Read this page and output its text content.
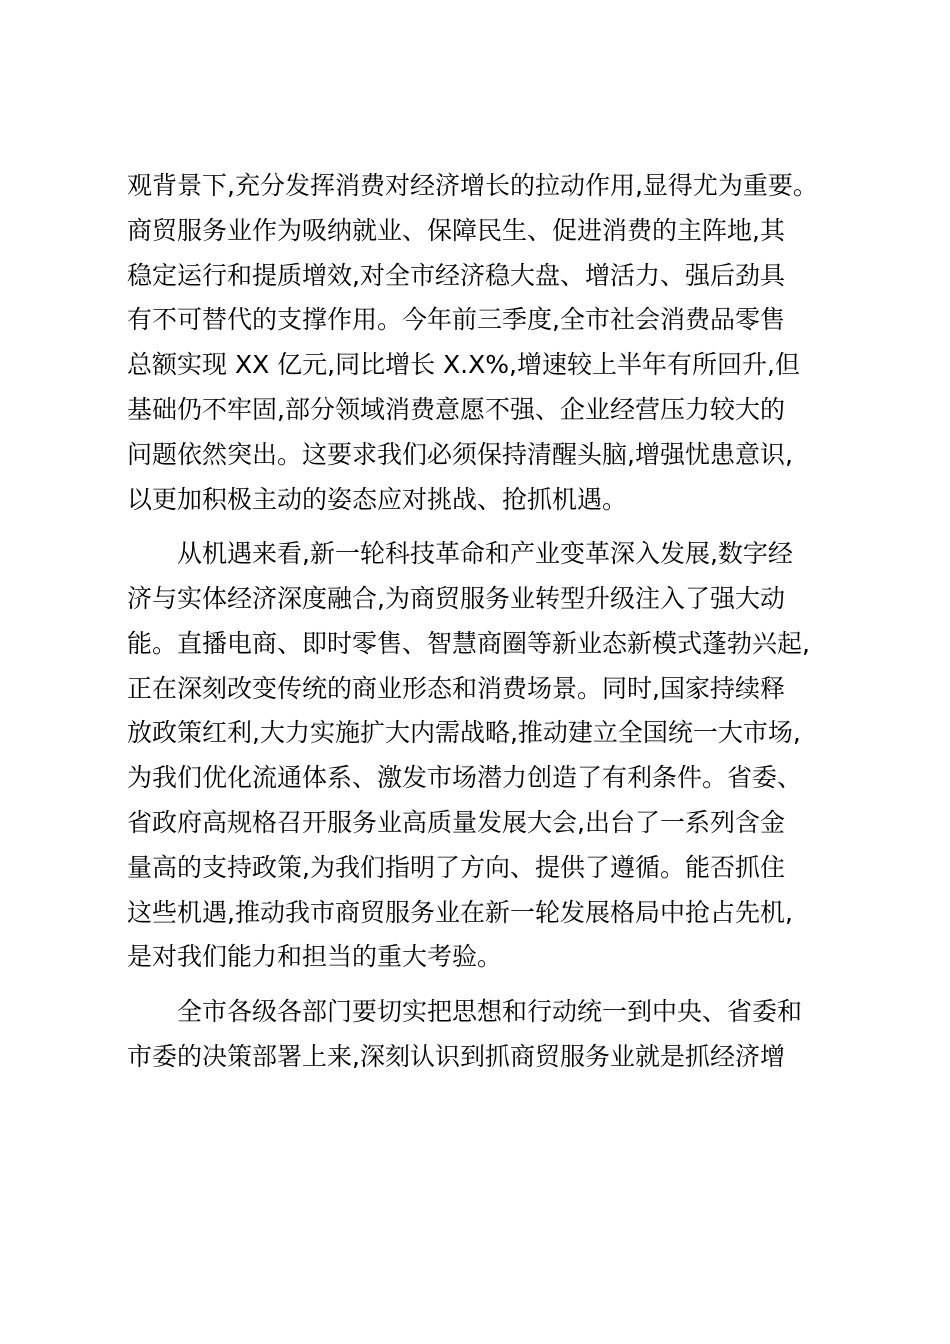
观背景下,充分发挥消费对经济增长的拉动作用,显得尤为重要。
商贸服务业作为吸纳就业、保障民生、促进消费的主阵地,其
稳定运行和提质增效,对全市经济稳大盘、增活力、强后劲具
有不可替代的支撑作用。今年前三季度,全市社会消费品零售
总额实现 XX 亿元,同比增长 X.X%,增速较上半年有所回升,但
基础仍不牢固,部分领域消费意愿不强、企业经营压力较大的
问题依然突出。这要求我们必须保持清醒头脑,增强忧患意识,
以更加积极主动的姿态应对挑战、抢抓机遇。
从机遇来看,新一轮科技革命和产业变革深入发展,数字经
济与实体经济深度融合,为商贸服务业转型升级注入了强大动
能。直播电商、即时零售、智慧商圈等新业态新模式蓬勃兴起,
正在深刻改变传统的商业形态和消费场景。同时,国家持续释
放政策红利,大力实施扩大内需战略,推动建立全国统一大市场,
为我们优化流通体系、激发市场潜力创造了有利条件。省委、
省政府高规格召开服务业高质量发展大会,出台了一系列含金
量高的支持政策,为我们指明了方向、提供了遵循。能否抓住
这些机遇,推动我市商贸服务业在新一轮发展格局中抢占先机,
是对我们能力和担当的重大考验。
全市各级各部门要切实把思想和行动统一到中央、省委和
市委的决策部署上来,深刻认识到抓商贸服务业就是抓经济增
